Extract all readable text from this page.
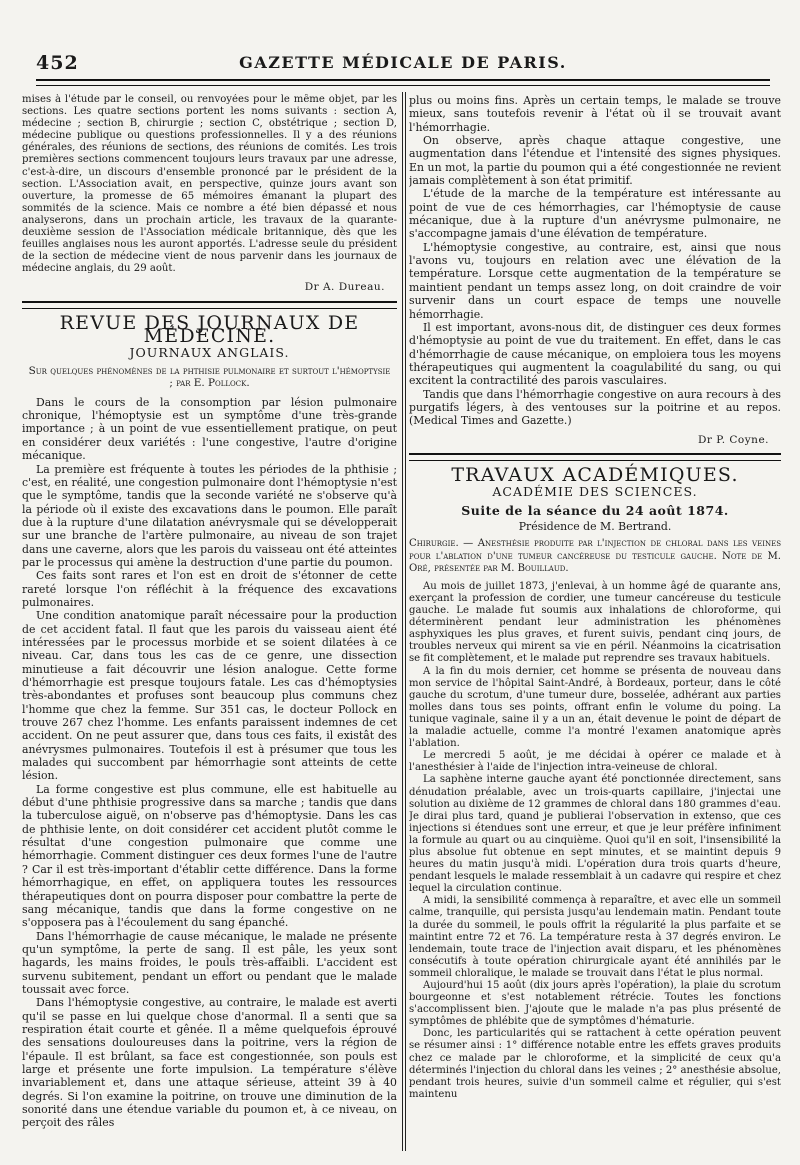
452	GAZETTE MÉDICALE DE PARIS.

mises à l'étude par le conseil, ou renvoyées pour le même objet, par les sections. Les quatre sections portent les noms suivants : section A, médecine ; section B, chirurgie ; section C, obstétrique ; section D, médecine publique ou questions professionnelles. Il y a des réunions générales, des réunions de sections, des réunions de comités. Les trois premières sections commencent toujours leurs travaux par une adresse, c'est-à-dire, un discours d'ensemble prononcé par le président de la section. L'Association avait, en perspective, quinze jours avant son ouverture, la promesse de 65 mémoires émanant la plupart des sommités de la science. Mais ce nombre a été bien dépassé et nous analyserons, dans un prochain article, les travaux de la quarante-deuxième session de l'Association médicale britannique, dès que les feuilles anglaises nous les auront apportés. L'adresse seule du président de la section de médecine vient de nous parvenir dans les journaux de médecine anglais, du 29 août.

Dr A. Dureau.
REVUE DES JOURNAUX DE MÉDECINE.
JOURNAUX ANGLAIS.
Sur quelques phénomènes de la phthisie pulmonaire et surtout l'hémoptysie ; par E. Pollock.

Dans le cours de la consomption par lésion pulmonaire chronique, l'hémoptysie est un symptôme d'une très-grande importance ; à un point de vue essentiellement pratique, on peut en considérer deux variétés : l'une congestive, l'autre d'origine mécanique.

La première est fréquente à toutes les périodes de la phthisie ; c'est, en réalité, une congestion pulmonaire dont l'hémoptysie n'est que le symptôme, tandis que la seconde variété ne s'observe qu'à la période où il existe des excavations dans le poumon. Elle paraît due à la rupture d'une dilatation anévrysmale qui se développerait sur une branche de l'artère pulmonaire, au niveau de son trajet dans une caverne, alors que les parois du vaisseau ont été atteintes par le processus qui amène la destruction d'une partie du poumon.

Ces faits sont rares et l'on est en droit de s'étonner de cette rareté lorsque l'on réfléchit à la fréquence des excavations pulmonaires.

Une condition anatomique paraît nécessaire pour la production de cet accident fatal. Il faut que les parois du vaisseau aient été intéressées par le processus morbide et se soient dilatées à ce niveau. Car, dans tous les cas de ce genre, une dissection minutieuse a fait découvrir une lésion analogue. Cette forme d'hémorrhagie est presque toujours fatale. Les cas d'hémoptysies très-abondantes et profuses sont beaucoup plus communs chez l'homme que chez la femme. Sur 351 cas, le docteur Pollock en trouve 267 chez l'homme. Les enfants paraissent indemnes de cet accident. On ne peut assurer que, dans tous ces faits, il existât des anévrysmes pulmonaires. Toutefois il est à présumer que tous les malades qui succombent par hémorrhagie sont atteints de cette lésion.

La forme congestive est plus commune, elle est habituelle au début d'une phthisie progressive dans sa marche ; tandis que dans la tuberculose aiguë, on n'observe pas d'hémoptysie. Dans les cas de phthisie lente, on doit considérer cet accident plutôt comme le résultat d'une congestion pulmonaire que comme une hémorrhagie. Comment distinguer ces deux formes l'une de l'autre ? Car il est très-important d'établir cette différence. Dans la forme hémorrhagique, en effet, on appliquera toutes les ressources thérapeutiques dont on pourra disposer pour combattre la perte de sang mécanique, tandis que dans la forme congestive on ne s'opposera pas à l'écoulement du sang épanché.

Dans l'hémorrhagie de cause mécanique, le malade ne présente qu'un symptôme, la perte de sang. Il est pâle, les yeux sont hagards, les mains froides, le pouls très-affaibli. L'accident est survenu subitement, pendant un effort ou pendant que le malade toussait avec force.

Dans l'hémoptysie congestive, au contraire, le malade est averti qu'il se passe en lui quelque chose d'anormal. Il a senti que sa respiration était courte et gênée. Il a même quelquefois éprouvé des sensations douloureuses dans la poitrine, vers la région de l'épaule. Il est brûlant, sa face est congestionnée, son pouls est large et présente une forte impulsion. La température s'élève invariablement et, dans une attaque sérieuse, atteint 39 à 40 degrés. Si l'on examine la poitrine, on trouve une diminution de la sonorité dans une étendue variable du poumon et, à ce niveau, on perçoit des râles

plus ou moins fins. Après un certain temps, le malade se trouve mieux, sans toutefois revenir à l'état où il se trouvait avant l'hémorrhagie.

On observe, après chaque attaque congestive, une augmentation dans l'étendue et l'intensité des signes physiques. En un mot, la partie du poumon qui a été congestionnée ne revient jamais complètement à son état primitif.

L'étude de la marche de la température est intéressante au point de vue de ces hémorrhagies, car l'hémoptysie de cause mécanique, due à la rupture d'un anévrysme pulmonaire, ne s'accompagne jamais d'une élévation de température.

L'hémoptysie congestive, au contraire, est, ainsi que nous l'avons vu, toujours en relation avec une élévation de la température. Lorsque cette augmentation de la température se maintient pendant un temps assez long, on doit craindre de voir survenir dans un court espace de temps une nouvelle hémorrhagie.

Il est important, avons-nous dit, de distinguer ces deux formes d'hémoptysie au point de vue du traitement. En effet, dans le cas d'hémorrhagie de cause mécanique, on emploiera tous les moyens thérapeutiques qui augmentent la coagulabilité du sang, ou qui excitent la contractilité des parois vasculaires.

Tandis que dans l'hémorrhagie congestive on aura recours à des purgatifs légers, à des ventouses sur la poitrine et au repos. (Medical Times and Gazette.)

Dr P. Coyne.
TRAVAUX ACADÉMIQUES.
ACADÉMIE DES SCIENCES.
Suite de la séance du 24 août 1874.
Présidence de M. Bertrand.

Chirurgie. — Anesthésie produite par l'injection de chloral dans les veines pour l'ablation d'une tumeur cancéreuse du testicule gauche. Note de M. Oré, présentée par M. Bouillaud.

Au mois de juillet 1873, j'enlevai, à un homme âgé de quarante ans, exerçant la profession de cordier, une tumeur cancéreuse du testicule gauche. Le malade fut soumis aux inhalations de chloroforme, qui déterminèrent pendant leur administration les phénomènes asphyxiques les plus graves, et furent suivis, pendant cinq jours, de troubles nerveux qui mirent sa vie en péril. Néanmoins la cicatrisation se fit complètement, et le malade put reprendre ses travaux habituels.

A la fin du mois dernier, cet homme se présenta de nouveau dans mon service de l'hôpital Saint-André, à Bordeaux, porteur, dans le côté gauche du scrotum, d'une tumeur dure, bosselée, adhérant aux parties molles dans tous ses points, offrant enfin le volume du poing. La tunique vaginale, saine il y a un an, était devenue le point de départ de la maladie actuelle, comme l'a montré l'examen anatomique après l'ablation.

Le mercredi 5 août, je me décidai à opérer ce malade et à l'anesthésier à l'aide de l'injection intra-veineuse de chloral.

La saphène interne gauche ayant été ponctionnée directement, sans dénudation préalable, avec un trois-quarts capillaire, j'injectai une solution au dixième de 12 grammes de chloral dans 180 grammes d'eau. Je dirai plus tard, quand je publierai l'observation in extenso, que ces injections si étendues sont une erreur, et que je leur préfère infiniment la formule au quart ou au cinquième. Quoi qu'il en soit, l'insensibilité la plus absolue fut obtenue en sept minutes, et se maintint depuis 9 heures du matin jusqu'à midi. L'opération dura trois quarts d'heure, pendant lesquels le malade ressemblait à un cadavre qui respire et chez lequel la circulation continue.

A midi, la sensibilité commença à reparaître, et avec elle un sommeil calme, tranquille, qui persista jusqu'au lendemain matin. Pendant toute la durée du sommeil, le pouls offrit la régularité la plus parfaite et se maintint entre 72 et 76. La température resta à 37 degrés environ. Le lendemain, toute trace de l'injection avait disparu, et les phénomènes consécutifs à toute opération chirurgicale ayant été annihilés par le sommeil chloralique, le malade se trouvait dans l'état le plus normal.

Aujourd'hui 15 août (dix jours après l'opération), la plaie du scrotum bourgeonne et s'est notablement rétrécie. Toutes les fonctions s'accomplissent bien. J'ajoute que le malade n'a pas plus présenté de symptômes de phlébite que de symptômes d'hématurie.

Donc, les particularités qui se rattachent à cette opération peuvent se résumer ainsi : 1° différence notable entre les effets graves produits chez ce malade par le chloroforme, et la simplicité de ceux qu'a déterminés l'injection du chloral dans les veines ; 2° anesthésie absolue, pendant trois heures, suivie d'un sommeil calme et régulier, qui s'est maintenu
